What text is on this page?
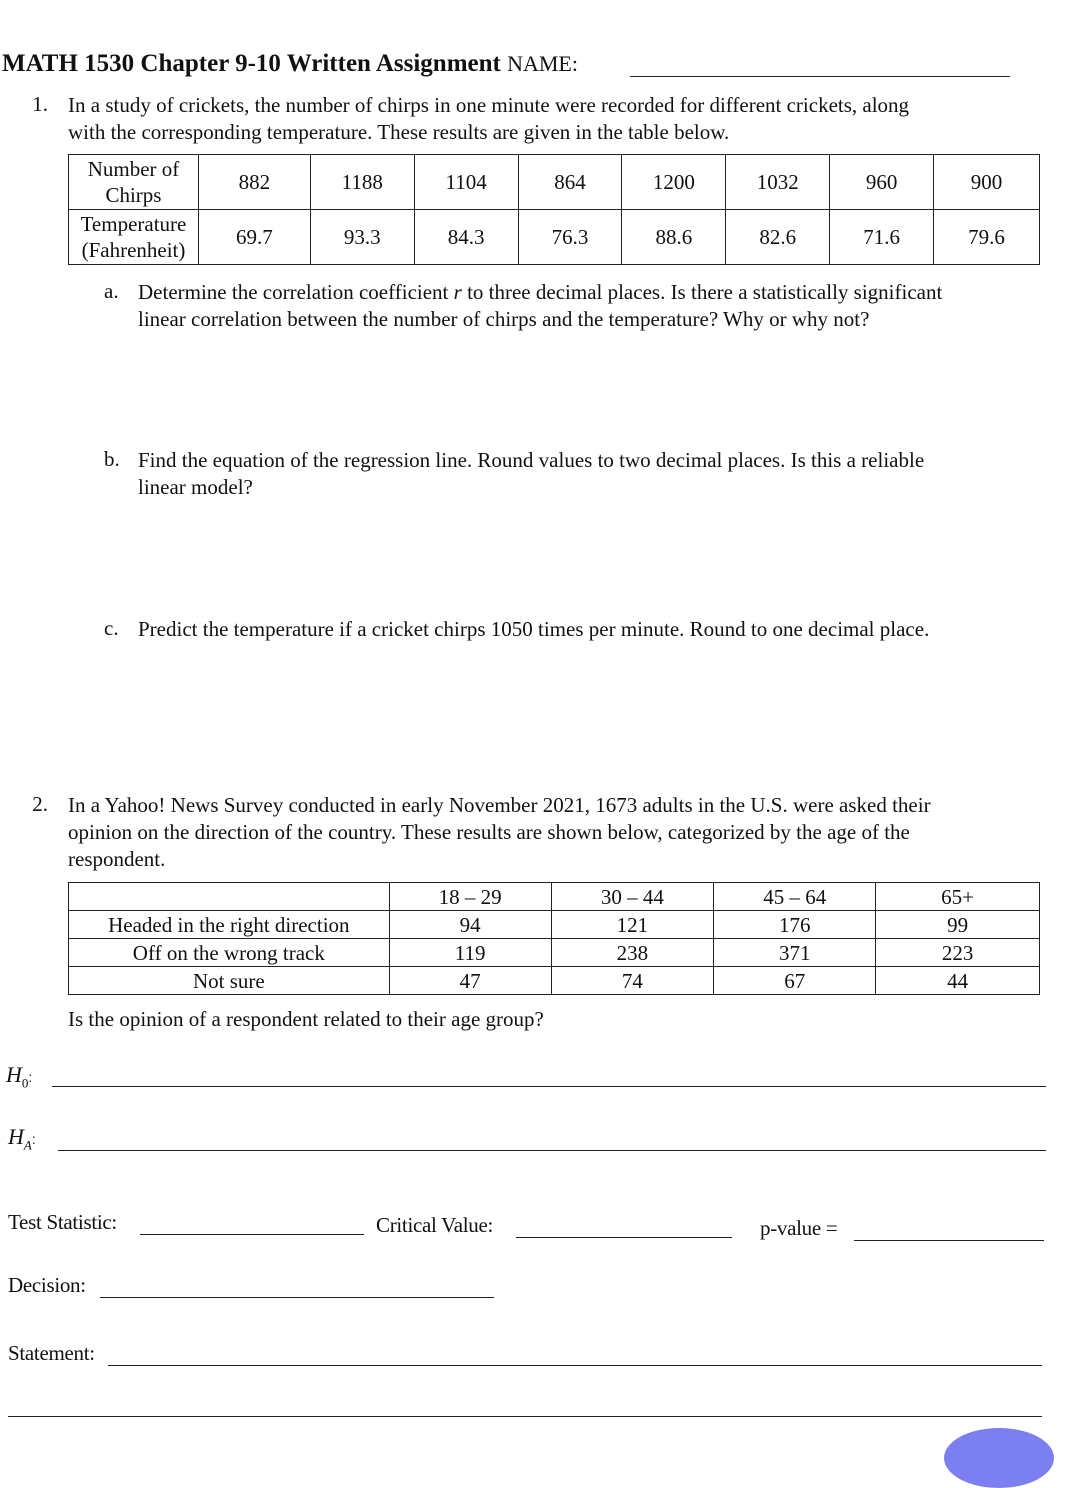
MATH 1530 Chapter 9-10 Written Assignment NAME:
1. In a study of crickets, the number of chirps in one minute were recorded for different crickets, along
with the corresponding temperature. These results are given in the table below.
Number of
Chirps	882	1188	1104	864	1200	1032	960	900

Temperature
(Fahrenheit)	69.7	93.3	84.3	76.3	88.6	82.6	71.6	79.6
a. Determine the correlation coefficient r to three decimal places. Is there a statistically significant
linear correlation between the number of chirps and the temperature? Why or why not?
b. Find the equation of the regression line. Round values to two decimal places. Is this a reliable
linear model?
c. Predict the temperature if a cricket chirps 1050 times per minute. Round to one decimal place.
2. In a Yahoo! News Survey conducted in early November 2021, 1673 adults in the U.S. were asked their
opinion on the direction of the country. These results are shown below, categorized by the age of the
respondent.
	18 – 29	30 – 44	45 – 64	65+
Headed in the right direction	94	121	176	99
Off on the wrong track	119	238	371	223
Not sure	47	74	67	44
Is the opinion of a respondent related to their age group?
$H_0$:
$H_A$:
Test Statistic:	Critical Value:	p-value =
Decision:
Statement:
